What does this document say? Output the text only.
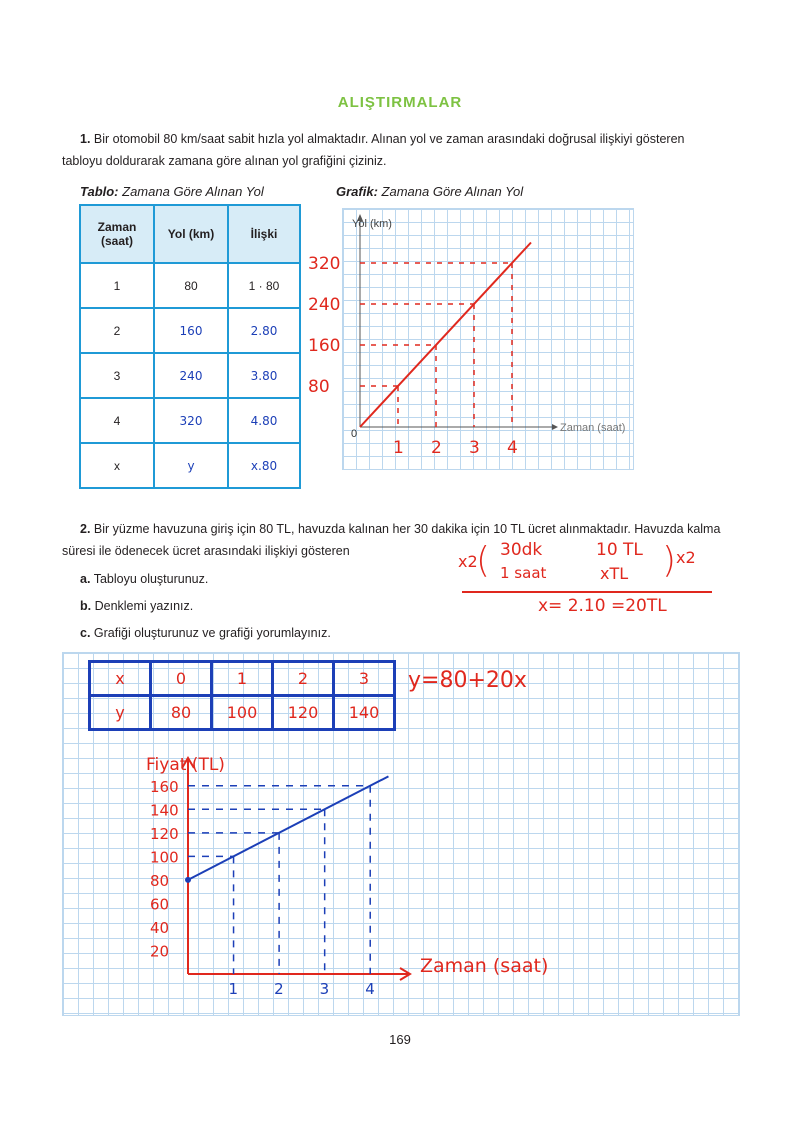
ALIŞTIRMALAR
1. Bir otomobil 80 km/saat sabit hızla yol almaktadır. Alınan yol ve zaman arasındaki doğrusal ilişkiyi gösteren tabloyu doldurarak zamana göre alınan yol grafiğini çiziniz.
Tablo: Zamana Göre Alınan Yol	Grafik: Zamana Göre Alınan Yol
Zaman (saat)	Yol (km)	İlişki
1	80	1 · 80
2	160	2.80
3	240	3.80
4	320	4.80
x	y	x.80
Yol (km)
Zaman (saat)
0
80
160
240
320
1 2 3 4
2. Bir yüzme havuzuna giriş için 80 TL, havuzda kalınan her 30 dakika için 10 TL ücret alınmaktadır. Havuzda kalma süresi ile ödenecek ücret arasındaki ilişkiyi gösteren
a. Tabloyu oluşturunuz.
b. Denklemi yazınız.
c. Grafiği oluşturunuz ve grafiği yorumlayınız.
x2
( 30dk	10 TL
1 saat	xTL ) x2
x= 2.10 =20TL
x	0	1	2	3
y	80	100	120	140
y=80+20x
Fiyat (TL)
Zaman (saat)
20
40
60
80
100
120
140
160
1 2 3 4
169
